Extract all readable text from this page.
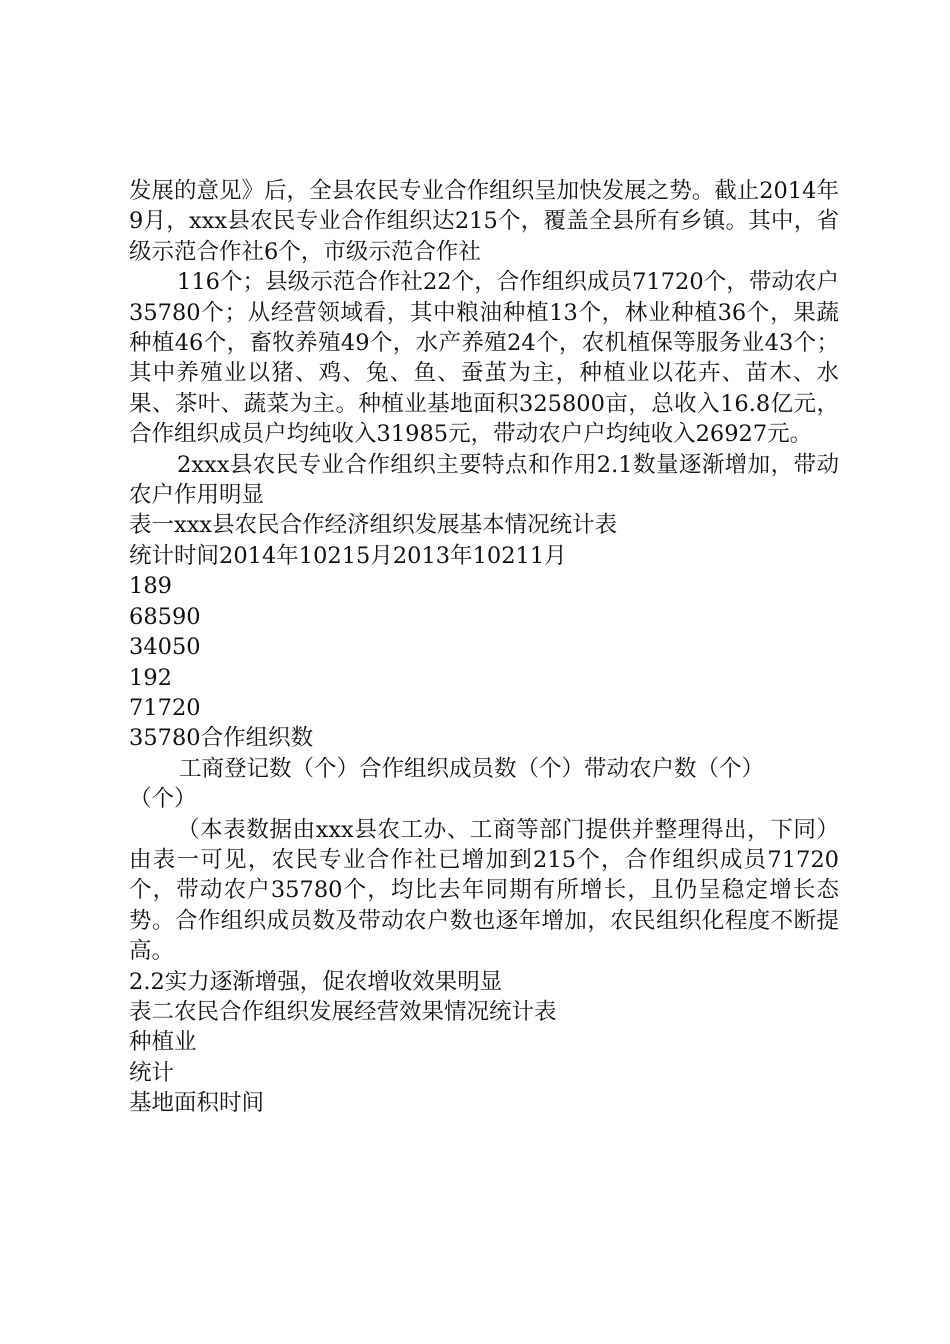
发展的意见》后，全县农民专业合作组织呈加快发展之势。截止2014年9月，xxx县农民专业合作组织达215个，覆盖全县所有乡镇。其中，省级示范合作社6个，市级示范合作社

116个；县级示范合作社22个，合作组织成员71720个，带动农户35780个；从经营领域看，其中粮油种植13个，林业种植36个，果蔬种植46个，畜牧养殖49个，水产养殖24个，农机植保等服务业43个；其中养殖业以猪、鸡、兔、鱼、蚕茧为主，种植业以花卉、苗木、水果、茶叶、蔬菜为主。种植业基地面积325800亩，总收入16.8亿元，合作组织成员户均纯收入31985元，带动农户户均纯收入26927元。

2xxx县农民专业合作组织主要特点和作用2.1数量逐渐增加，带动农户作用明显

表一xxx县农民合作经济组织发展基本情况统计表

统计时间2014年10215月2013年10211月

189

68590

34050

192

71720

35780合作组织数

工商登记数（个）合作组织成员数（个）带动农户数（个）

（个）

（本表数据由xxx县农工办、工商等部门提供并整理得出，下同）由表一可见，农民专业合作社已增加到215个，合作组织成员71720个，带动农户35780个，均比去年同期有所增长，且仍呈稳定增长态势。合作组织成员数及带动农户数也逐年增加，农民组织化程度不断提高。

2.2实力逐渐增强，促农增收效果明显

表二农民合作组织发展经营效果情况统计表

种植业

统计

基地面积时间
